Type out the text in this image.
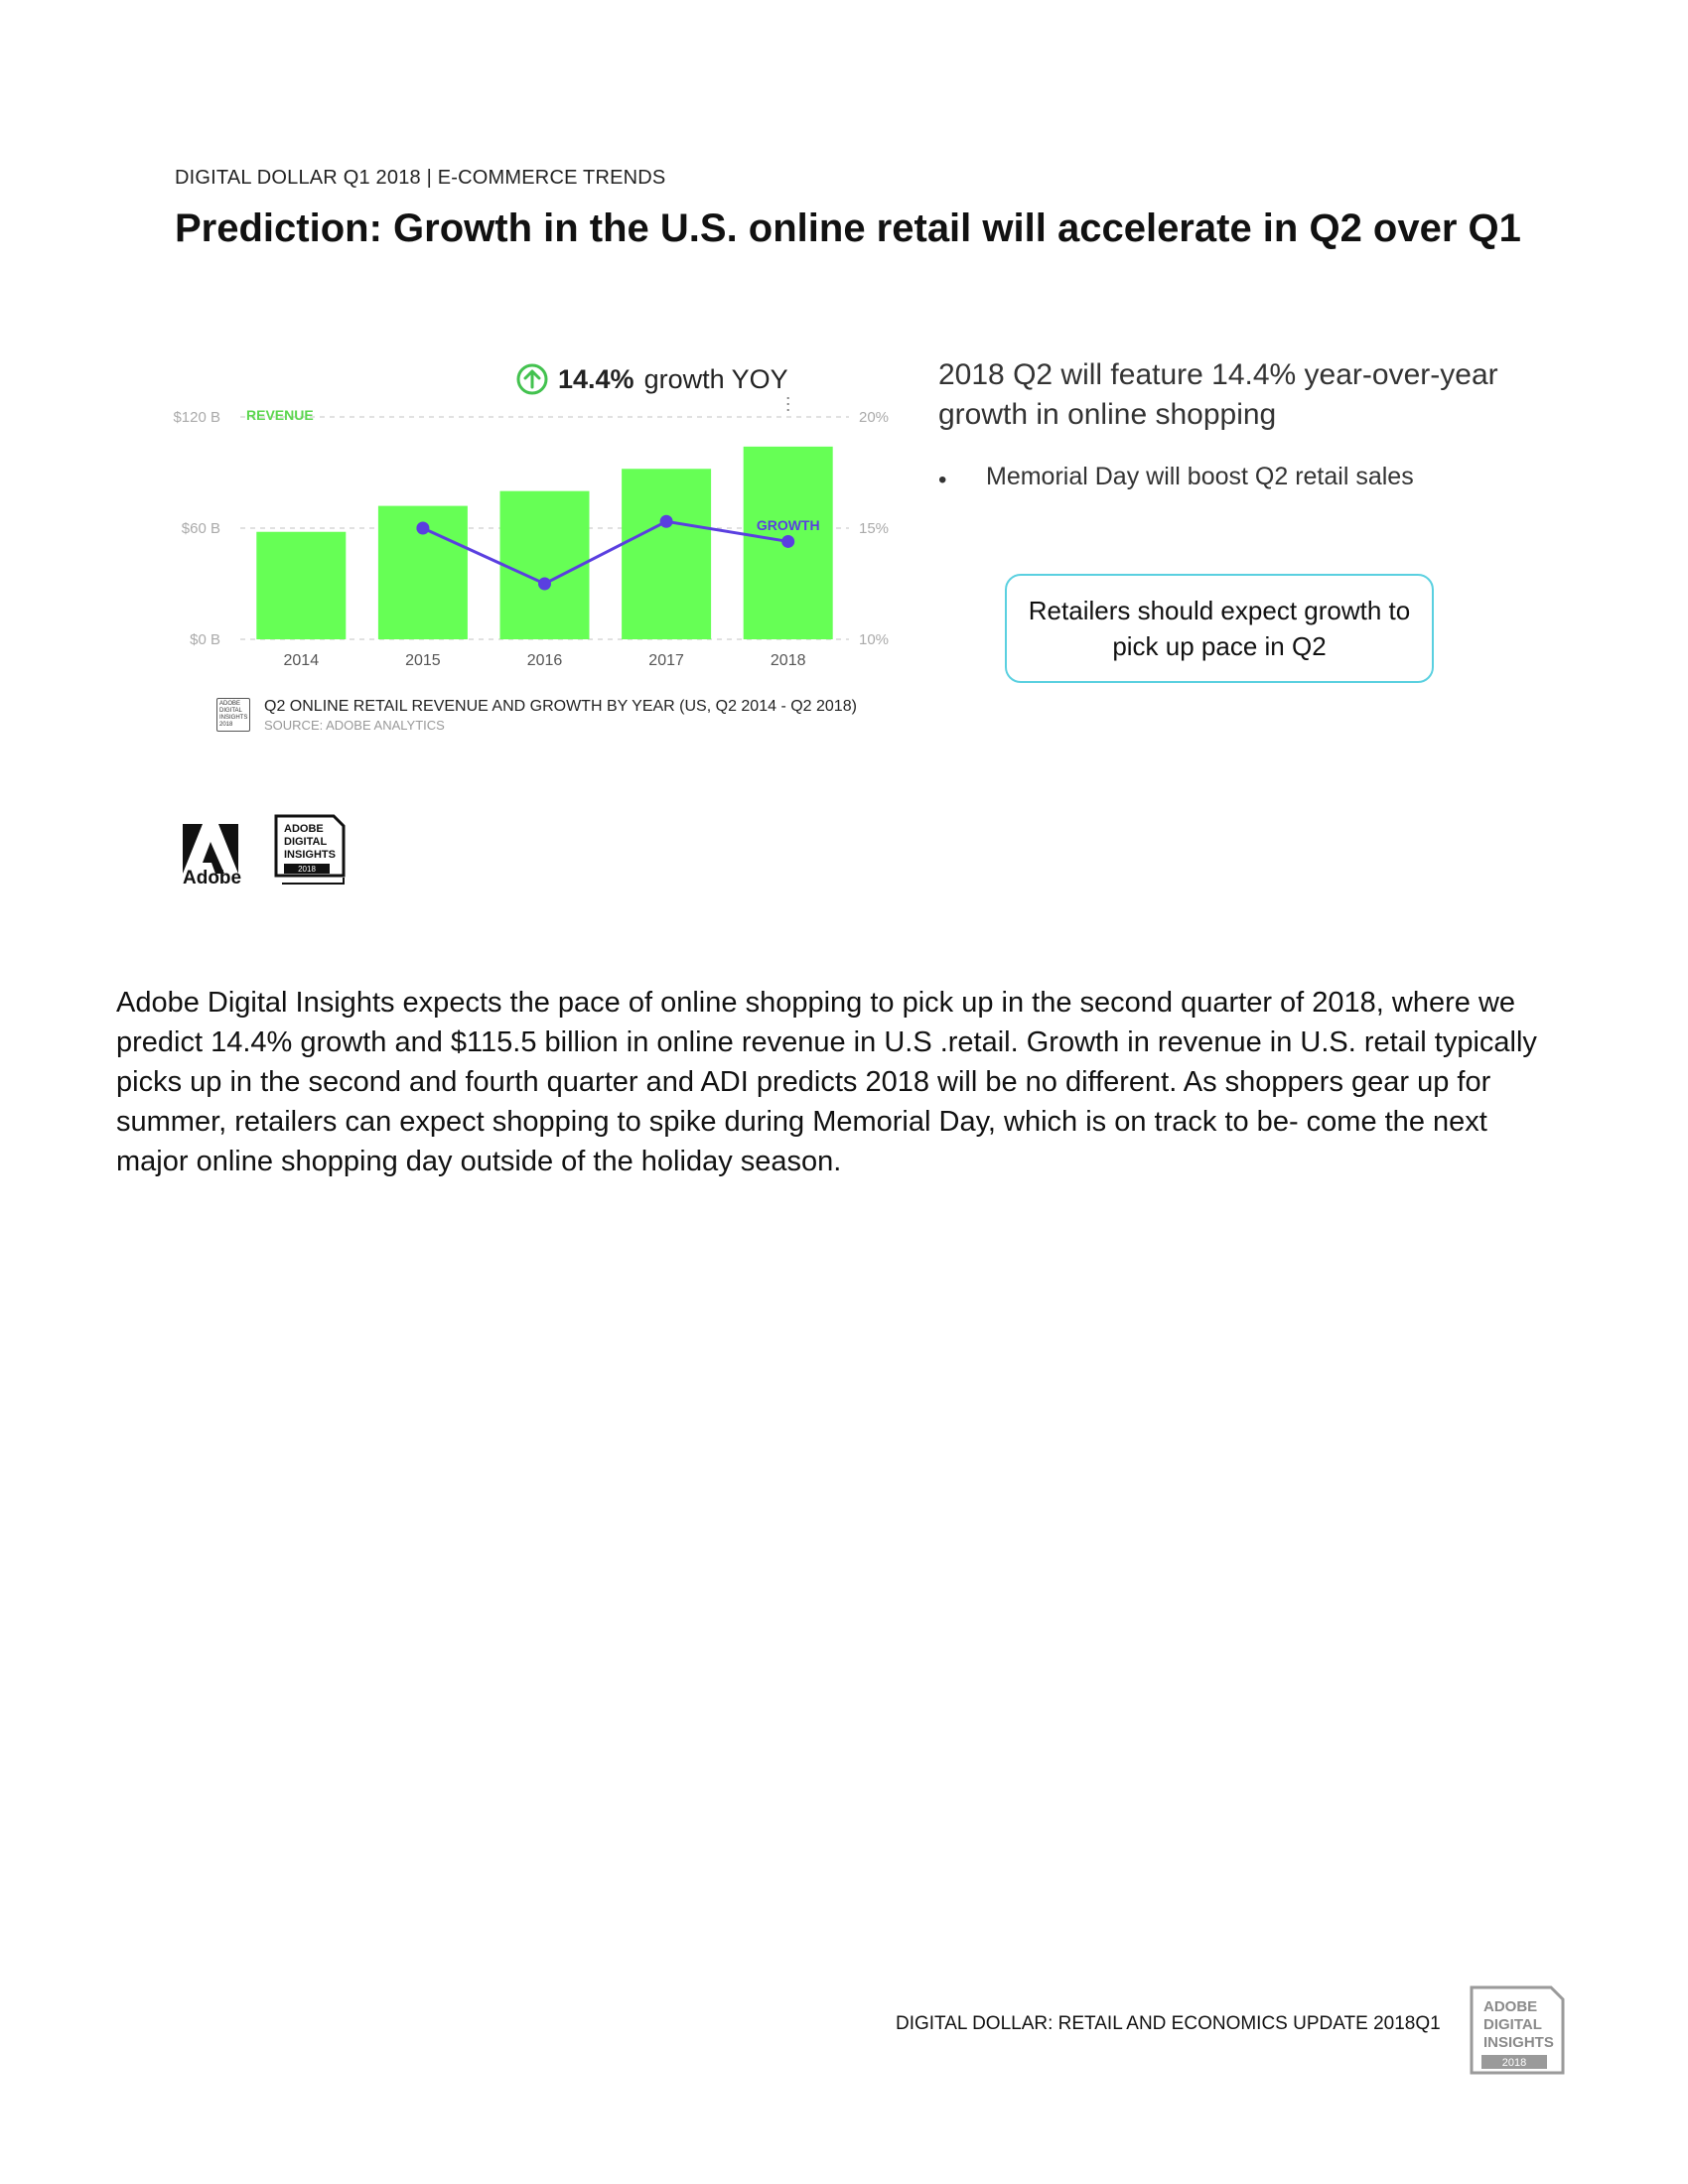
DIGITAL DOLLAR Q1 2018 | E-COMMERCE TRENDS
Prediction: Growth in the U.S. online retail will accelerate in Q2 over Q1
14.4% growth YOY
$0 B
$60 B
$120 B
10%
15%
20%
2014	2015	2016	2017	2018
REVENUE
GROWTH
ADOBE DIGITAL INSIGHTS 2018
Q2 ONLINE RETAIL REVENUE AND GROWTH BY YEAR (US, Q2 2014 - Q2 2018)
SOURCE: ADOBE ANALYTICS
2018 Q2 will feature 14.4% year-over-year growth in online shopping
• Memorial Day will boost Q2 retail sales
Retailers should expect growth to pick up pace in Q2
Adobe
ADOBE
DIGITAL
INSIGHTS
2018
Adobe Digital Insights expects the pace of online shopping to pick up in the second quarter of 2018, where we predict 14.4% growth and $115.5 billion in online revenue in U.S .retail. Growth in revenue in U.S. retail typically picks up in the second and fourth quarter and ADI predicts 2018 will be no different. As shoppers gear up for summer, retailers can expect shopping to spike during Memorial Day, which is on track to be- come the next major online shopping day outside of the holiday season.
DIGITAL DOLLAR: RETAIL AND ECONOMICS UPDATE 2018Q1
ADOBE
DIGITAL
INSIGHTS
2018
